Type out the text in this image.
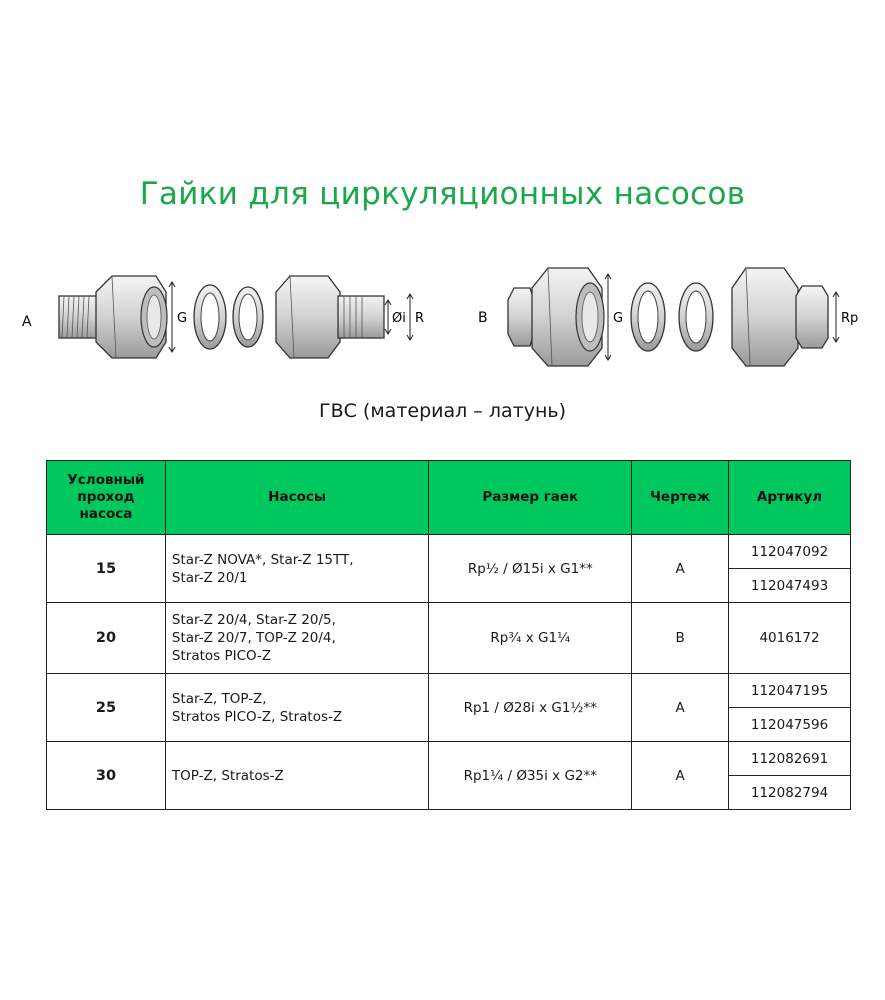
Гайки для циркуляционных насосов
A	G	Øi R	B	G	Rp
ГВС (материал – латунь)
Условный
проход
насоса	Насосы	Размер гаек	Чертеж	Артикул
15	Star-Z NOVA*, Star-Z 15TT,
Star-Z 20/1	Rp½ / Ø15i x G1**	A	112047092
				112047493
20	Star-Z 20/4, Star-Z 20/5,
Star-Z 20/7, TOP-Z 20/4,
Stratos PICO-Z	Rp¾ x G1¼	B	4016172
25	Star-Z, TOP-Z,
Stratos PICO-Z, Stratos-Z	Rp1 / Ø28i x G1½**	A	112047195
				112047596
30	TOP-Z, Stratos-Z	Rp1¼ / Ø35i x G2**	A	112082691
				112082794
